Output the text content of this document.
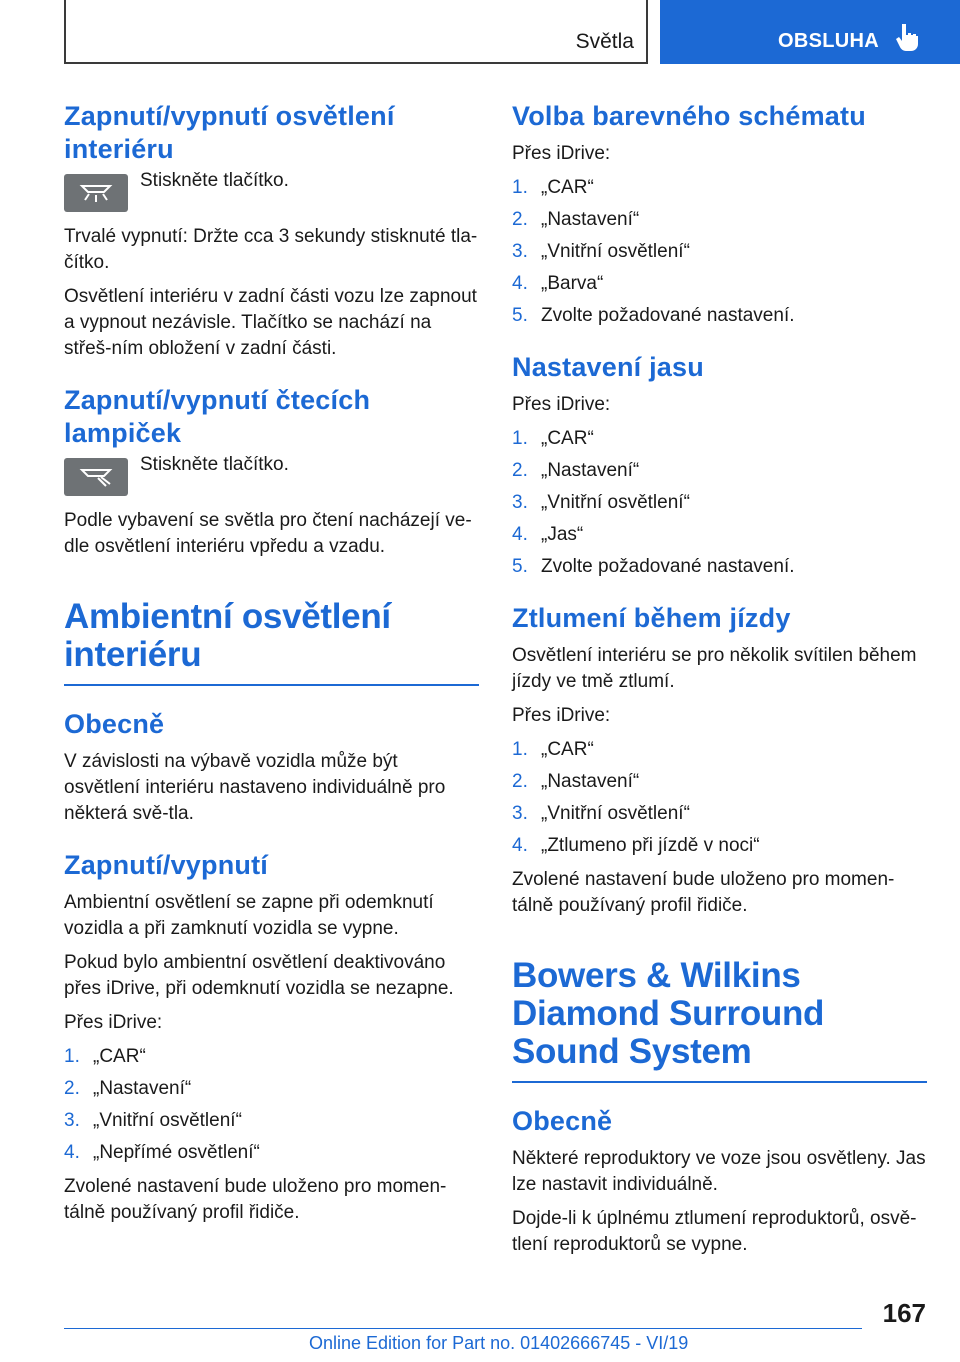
Světla	OBSLUHA
Zapnutí/vypnutí osvětlení interiéru

Stiskněte tlačítko.

Trvalé vypnutí: Držte cca 3 sekundy stisknuté tla-čítko.

Osvětlení interiéru v zadní části vozu lze zapnout a vypnout nezávisle. Tlačítko se nachází na střeš-ním obložení v zadní části.

Zapnutí/vypnutí čtecích lampiček

Stiskněte tlačítko.

Podle vybavení se světla pro čtení nacházejí ve-dle osvětlení interiéru vpředu a vzadu.

Ambientní osvětlení interiéru
Obecně

V závislosti na výbavě vozidla může být osvětlení interiéru nastaveno individuálně pro některá svě-tla.

Zapnutí/vypnutí

Ambientní osvětlení se zapne při odemknutí vozidla a při zamknutí vozidla se vypne.

Pokud bylo ambientní osvětlení deaktivováno přes iDrive, při odemknutí vozidla se nezapne.

Přes iDrive:

1. „CAR“
2. „Nastavení“
3. „Vnitřní osvětlení“
4. „Nepřímé osvětlení“

Zvolené nastavení bude uloženo pro momen-tálně používaný profil řidiče.

Volba barevného schématu

Přes iDrive:

1. „CAR“
2. „Nastavení“
3. „Vnitřní osvětlení“
4. „Barva“
5. Zvolte požadované nastavení.
Nastavení jasu

Přes iDrive:

1. „CAR“
2. „Nastavení“
3. „Vnitřní osvětlení“
4. „Jas“
5. Zvolte požadované nastavení.
Ztlumení během jízdy

Osvětlení interiéru se pro několik svítilen během jízdy ve tmě ztlumí.

Přes iDrive:

1. „CAR“
2. „Nastavení“
3. „Vnitřní osvětlení“
4. „Ztlumeno při jízdě v noci“

Zvolené nastavení bude uloženo pro momen-tálně používaný profil řidiče.

Bowers & Wilkins Diamond Surround Sound System
Obecně

Některé reproduktory ve voze jsou osvětleny. Jas lze nastavit individuálně.

Dojde-li k úplnému ztlumení reproduktorů, osvě-tlení reproduktorů se vypne.

167
Online Edition for Part no. 01402666745 - VI/19
